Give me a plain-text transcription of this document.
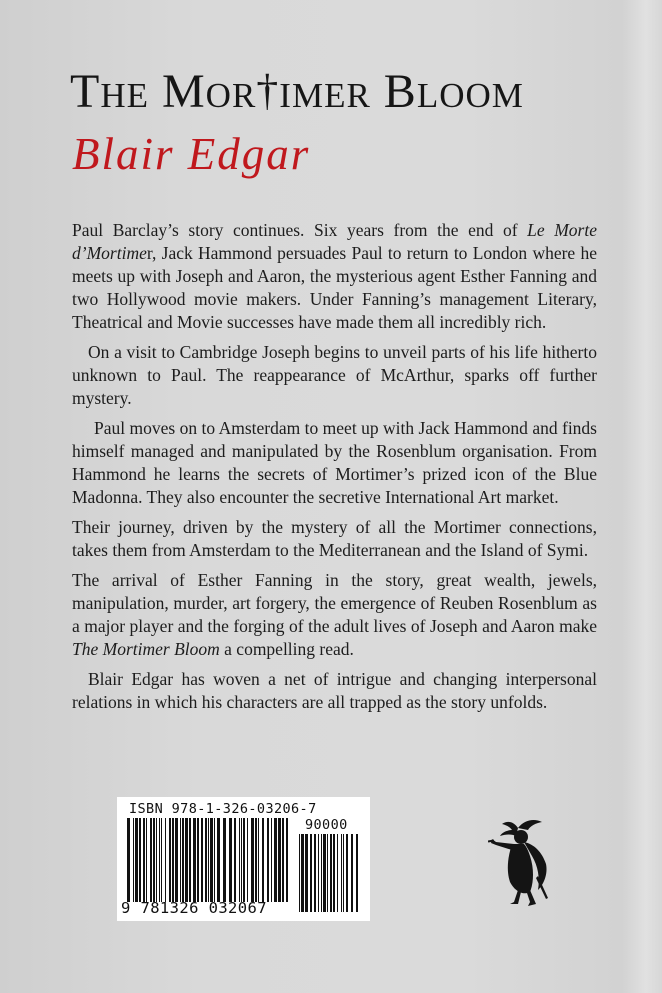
THE MOR†IMER BLOOM
Blair Edgar

Paul Barclay’s story continues. Six years from the end of Le Morte d’Mortimer, Jack Hammond persuades Paul to return to London where he meets up with Joseph and Aaron, the mysterious agent Esther Fanning and two Hollywood movie makers. Under Fanning’s management Literary, Theatrical and Movie successes have made them all incredibly rich.

On a visit to Cambridge Joseph begins to unveil parts of his life hitherto unknown to Paul. The reappearance of McArthur, sparks off further mystery.

Paul moves on to Amsterdam to meet up with Jack Hammond and finds himself managed and manipulated by the Rosenblum organisation. From Hammond he learns the secrets of Mortimer’s prized icon of the Blue Madonna. They also encounter the secretive International Art market.

Their journey, driven by the mystery of all the Mortimer connections, takes them from Amsterdam to the Mediterranean and the Island of Symi.

The arrival of Esther Fanning in the story, great wealth, jewels, manipulation, murder, art forgery, the emergence of Reuben Rosenblum as a major player and the forging of the adult lives of Joseph and Aaron make The Mortimer Bloom a compelling read.

Blair Edgar has woven a net of intrigue and changing interpersonal relations in which his characters are all trapped as the story unfolds.

ISBN 978-1-326-03206-7
90000
9 781326 032067
